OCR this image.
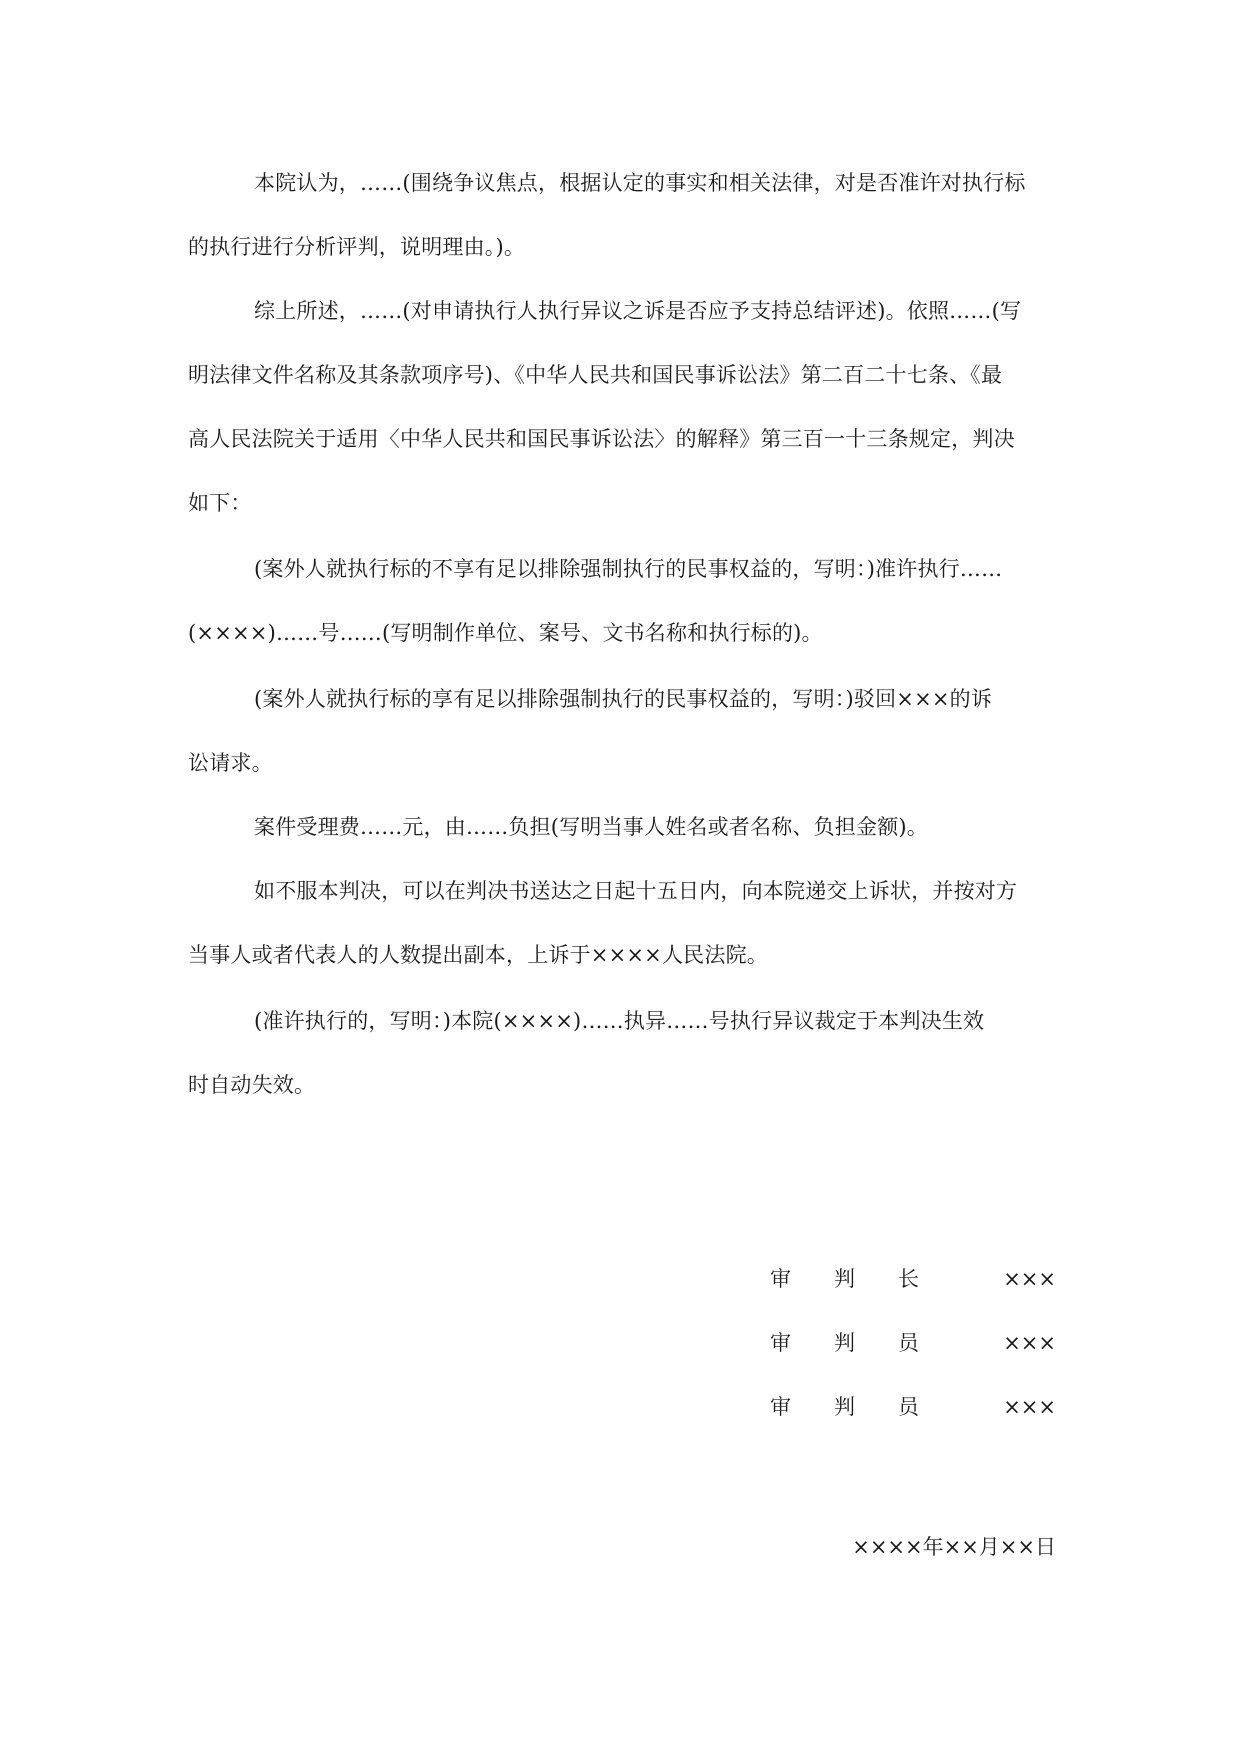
本院认为，……(围绕争议焦点，根据认定的事实和相关法律，对是否准许对执行标
的执行进行分析评判，说明理由。)。
综上所述，……(对申请执行人执行异议之诉是否应予支持总结评述)。依照……(写
明法律文件名称及其条款项序号)、《中华人民共和国民事诉讼法》第二百二十七条、《最
高人民法院关于适用〈中华人民共和国民事诉讼法〉的解释》第三百一十三条规定，判决
如下：
(案外人就执行标的不享有足以排除强制执行的民事权益的，写明：)准许执行……
(××××)……号……(写明制作单位、案号、文书名称和执行标的)。
(案外人就执行标的享有足以排除强制执行的民事权益的，写明：)驳回×××的诉
讼请求。
案件受理费……元，由……负担(写明当事人姓名或者名称、负担金额)。
如不服本判决，可以在判决书送达之日起十五日内，向本院递交上诉状，并按对方
当事人或者代表人的人数提出副本，上诉于××××人民法院。
(准许执行的，写明：)本院(××××)……执异……号执行异议裁定于本判决生效
时自动失效。
审 判 长	×××
审 判 员	×××
审 判 员	×××
××××年××月××日
